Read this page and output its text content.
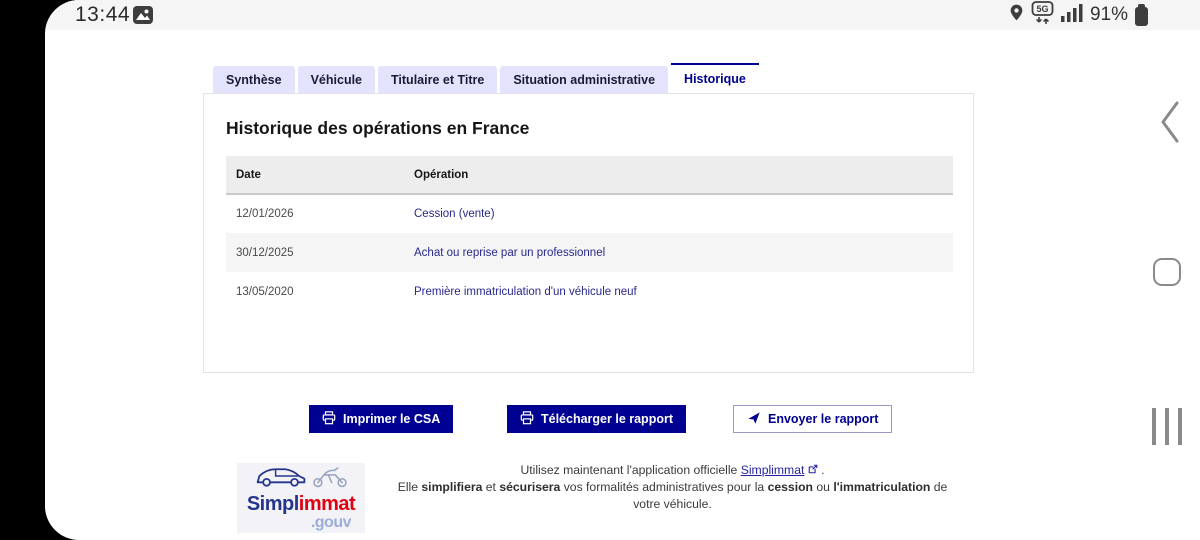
13:44	5G 91%
Synthèse	Véhicule	Titulaire et Titre	Situation administrative	Historique
Historique des opérations en France
Date	Opération
12/01/2026	Cession (vente)
30/12/2025	Achat ou reprise par un professionnel
13/05/2020	Première immatriculation d'un véhicule neuf
Imprimer le CSA	Télécharger le rapport	Envoyer le rapport
Simplimmat
.gouv
Utilisez maintenant l'application officielle Simplimmat .
Elle simplifiera et sécurisera vos formalités administratives pour la cession ou l'immatriculation de votre véhicule.
